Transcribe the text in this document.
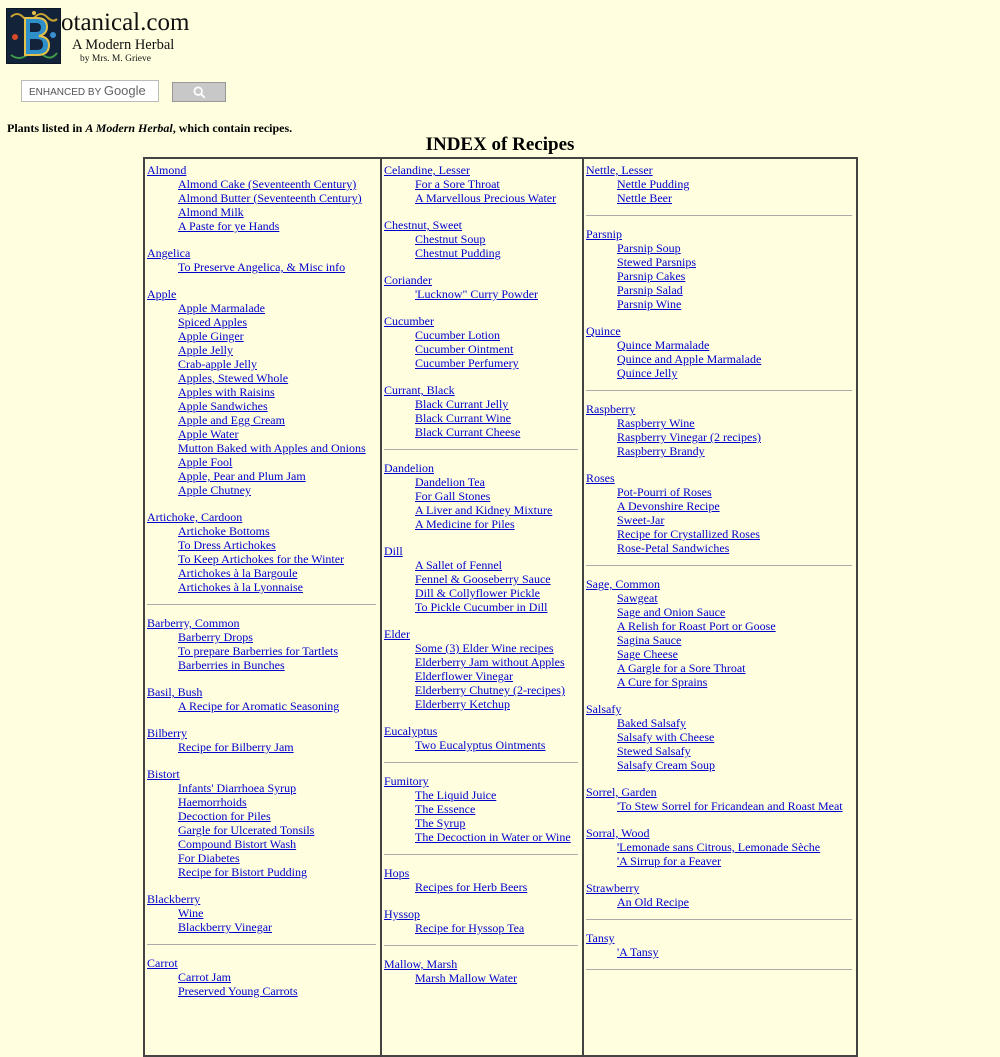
otanical.com
A Modern Herbal
by Mrs. M. Grieve
ENHANCED BY Google
Plants listed in A Modern Herbal, which contain recipes.
INDEX of Recipes
Almond
Almond Cake (Seventeenth Century)
Almond Butter (Seventeenth Century)
Almond Milk
A Paste for ye Hands
Angelica
To Preserve Angelica, & Misc info
Apple
Apple Marmalade
Spiced Apples
Apple Ginger
Apple Jelly
Crab-apple Jelly
Apples, Stewed Whole
Apples with Raisins
Apple Sandwiches
Apple and Egg Cream
Apple Water
Mutton Baked with Apples and Onions
Apple Fool
Apple, Pear and Plum Jam
Apple Chutney
Artichoke, Cardoon
Artichoke Bottoms
To Dress Artichokes
To Keep Artichokes for the Winter
Artichokes à la Bargoule
Artichokes à la Lyonnaise
Barberry, Common
Barberry Drops
To prepare Barberries for Tartlets
Barberries in Bunches
Basil, Bush
A Recipe for Aromatic Seasoning
Bilberry
Recipe for Bilberry Jam
Bistort
Infants' Diarrhoea Syrup
Haemorrhoids
Decoction for Piles
Gargle for Ulcerated Tonsils
Compound Bistort Wash
For Diabetes
Recipe for Bistort Pudding
Blackberry
Wine
Blackberry Vinegar
Carrot
Carrot Jam
Preserved Young Carrots
Celandine, Lesser
For a Sore Throat
A Marvellous Precious Water
Chestnut, Sweet
Chestnut Soup
Chestnut Pudding
Coriander
'Lucknow" Curry Powder
Cucumber
Cucumber Lotion
Cucumber Ointment
Cucumber Perfumery
Currant, Black
Black Currant Jelly
Black Currant Wine
Black Currant Cheese
Dandelion
Dandelion Tea
For Gall Stones
A Liver and Kidney Mixture
A Medicine for Piles
Dill
A Sallet of Fennel
Fennel & Gooseberry Sauce
Dill & Collyflower Pickle
To Pickle Cucumber in Dill
Elder
Some (3) Elder Wine recipes
Elderberry Jam without Apples
Elderflower Vinegar
Elderberry Chutney (2-recipes)
Elderberry Ketchup
Eucalyptus
Two Eucalyptus Ointments
Fumitory
The Liquid Juice
The Essence
The Syrup
The Decoction in Water or Wine
Hops
Recipes for Herb Beers
Hyssop
Recipe for Hyssop Tea
Mallow, Marsh
Marsh Mallow Water
Nettle, Lesser
Nettle Pudding
Nettle Beer
Parsnip
Parsnip Soup
Stewed Parsnips
Parsnip Cakes
Parsnip Salad
Parsnip Wine
Quince
Quince Marmalade
Quince and Apple Marmalade
Quince Jelly
Raspberry
Raspberry Wine
Raspberry Vinegar (2 recipes)
Raspberry Brandy
Roses
Pot-Pourri of Roses
A Devonshire Recipe
Sweet-Jar
Recipe for Crystallized Roses
Rose-Petal Sandwiches
Sage, Common
Sawgeat
Sage and Onion Sauce
A Relish for Roast Port or Goose
Sagina Sauce
Sage Cheese
A Gargle for a Sore Throat
A Cure for Sprains
Salsafy
Baked Salsafy
Salsafy with Cheese
Stewed Salsafy
Salsafy Cream Soup
Sorrel, Garden
'To Stew Sorrel for Fricandean and Roast Meat
Sorral, Wood
'Lemonade sans Citrous, Lemonade Sèche
'A Sirrup for a Feaver
Strawberry
An Old Recipe
Tansy
'A Tansy
